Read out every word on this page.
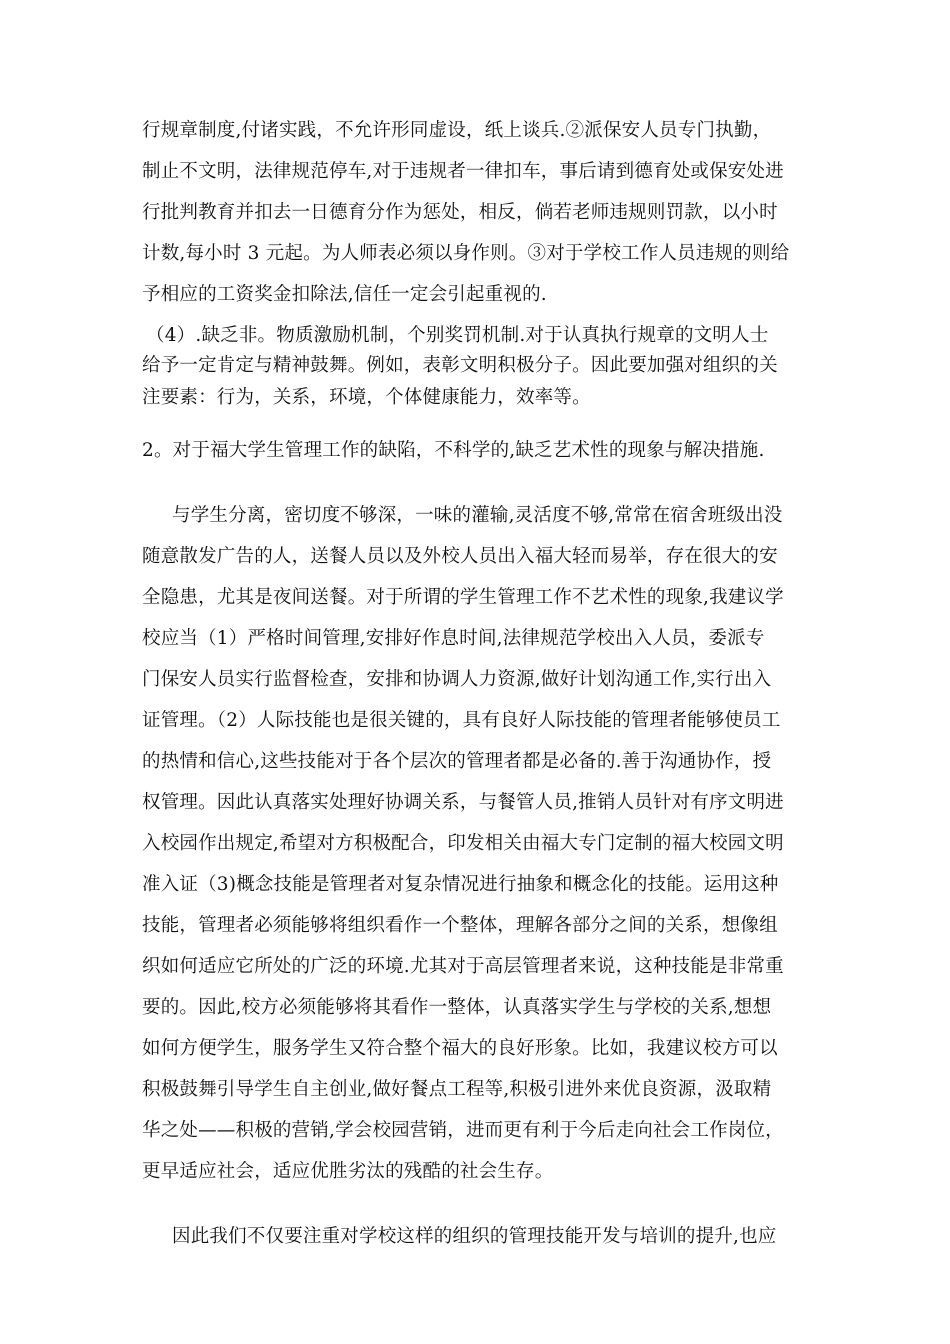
行规章制度,付诸实践，不允许形同虚设，纸上谈兵.②派保安人员专门执勤，
制止不文明，法律规范停车,对于违规者一律扣车，事后请到德育处或保安处进
行批判教育并扣去一日德育分作为惩处，相反，倘若老师违规则罚款，以小时
计数,每小时 3 元起。为人师表必须以身作则。③对于学校工作人员违规的则给
予相应的工资奖金扣除法,信任一定会引起重视的.
（4）.缺乏非。物质激励机制，个别奖罚机制.对于认真执行规章的文明人士
给予一定肯定与精神鼓舞。例如，表彰文明积极分子。因此要加强对组织的关
注要素：行为，关系，环境，个体健康能力，效率等。
2。对于福大学生管理工作的缺陷，不科学的,缺乏艺术性的现象与解决措施.
与学生分离，密切度不够深，一味的灌输,灵活度不够,常常在宿舍班级出没
随意散发广告的人，送餐人员以及外校人员出入福大轻而易举，存在很大的安
全隐患，尤其是夜间送餐。对于所谓的学生管理工作不艺术性的现象,我建议学
校应当（1）严格时间管理,安排好作息时间,法律规范学校出入人员，委派专
门保安人员实行监督检查，安排和协调人力资源,做好计划沟通工作,实行出入
证管理。（2）人际技能也是很关键的，具有良好人际技能的管理者能够使员工
的热情和信心,这些技能对于各个层次的管理者都是必备的.善于沟通协作，授
权管理。因此认真落实处理好协调关系，与餐管人员,推销人员针对有序文明进
入校园作出规定,希望对方积极配合，印发相关由福大专门定制的福大校园文明
准入证（3)概念技能是管理者对复杂情况进行抽象和概念化的技能。运用这种
技能，管理者必须能够将组织看作一个整体，理解各部分之间的关系，想像组
织如何适应它所处的广泛的环境.尤其对于高层管理者来说，这种技能是非常重
要的。因此,校方必须能够将其看作一整体，认真落实学生与学校的关系,想想
如何方便学生，服务学生又符合整个福大的良好形象。比如，我建议校方可以
积极鼓舞引导学生自主创业,做好餐点工程等,积极引进外来优良资源，汲取精
华之处——积极的营销,学会校园营销，进而更有利于今后走向社会工作岗位，
更早适应社会，适应优胜劣汰的残酷的社会生存。
因此我们不仅要注重对学校这样的组织的管理技能开发与培训的提升,也应
